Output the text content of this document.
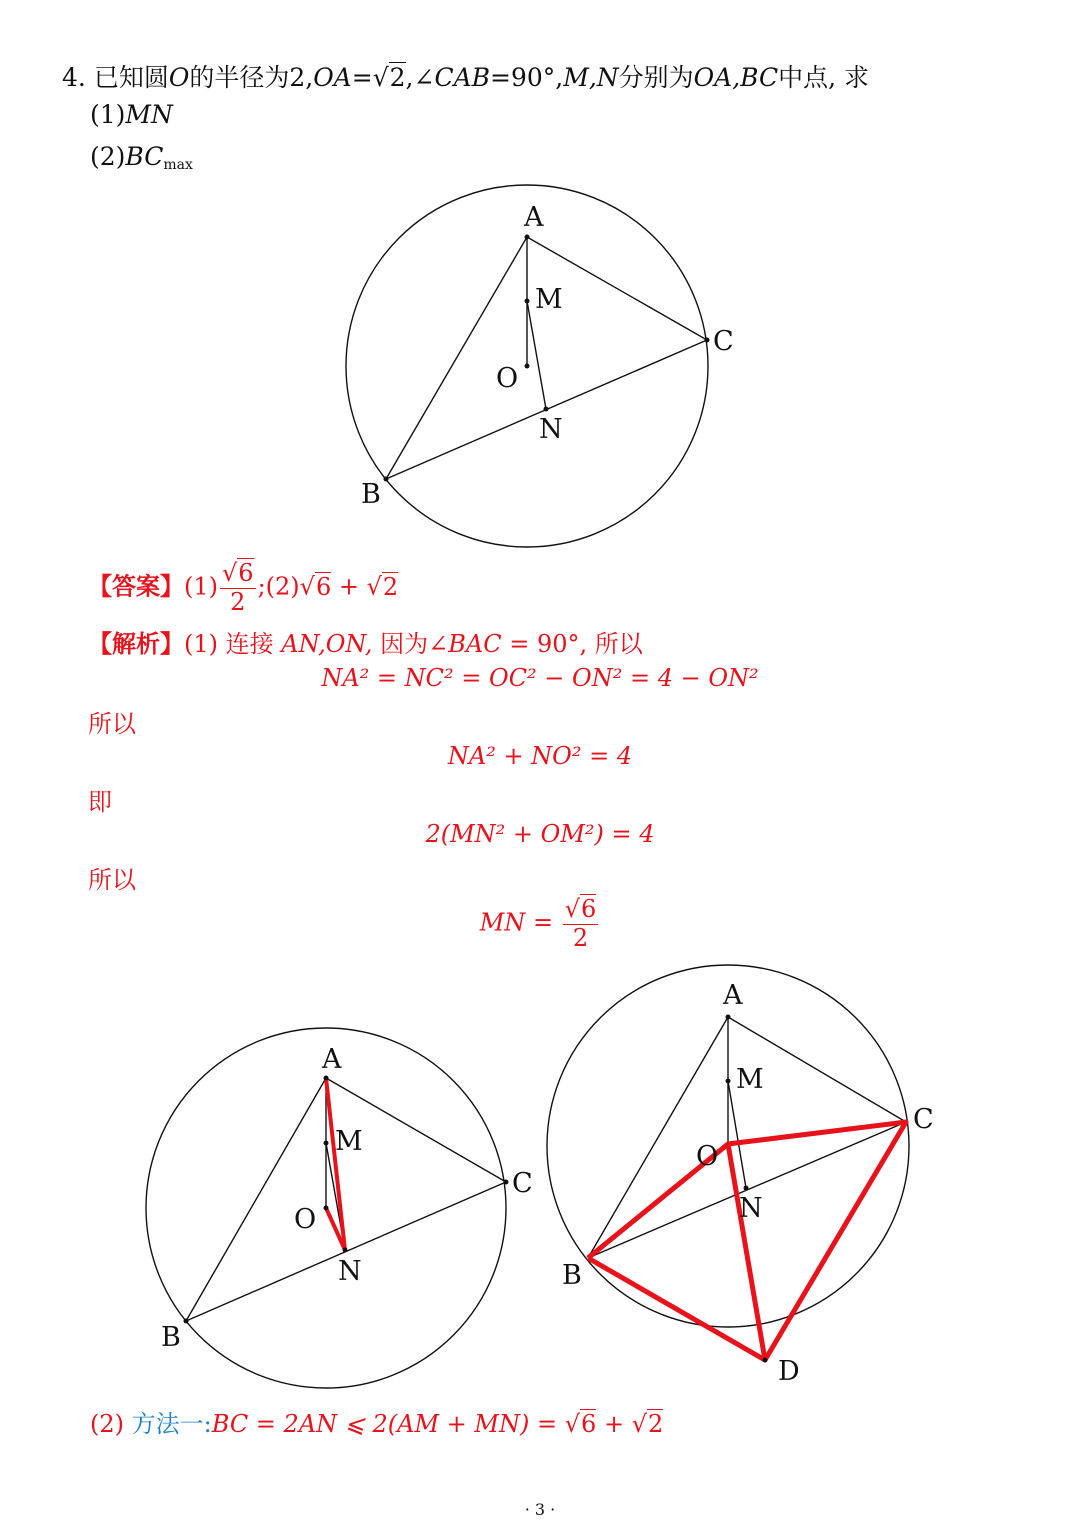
4. 已知圆O的半径为2,OA=√2,∠CAB=90°,M,N分别为OA,BC中点, 求
(1)MN
$(2)BC_{max}$
A
M
O
N
B
C
A
M
O
N
B
C
A
M
O
N
B
C
D
【答案】$(1) \frac{√6}{2}$ ;(2)√6 + √2
【解析】(1) 连接 AN,ON, 因为∠BAC = 90°, 所以
NA² = NC² = OC² − ON² = 4 − ON²
所以
NA² + NO² = 4
即
2(MN² + OM²) = 4
所以
MN = $\frac{√6}{2}$
(2) 方法一:BC = 2AN ⩽ 2(AM + MN) = √6 + √2
· 3 ·
